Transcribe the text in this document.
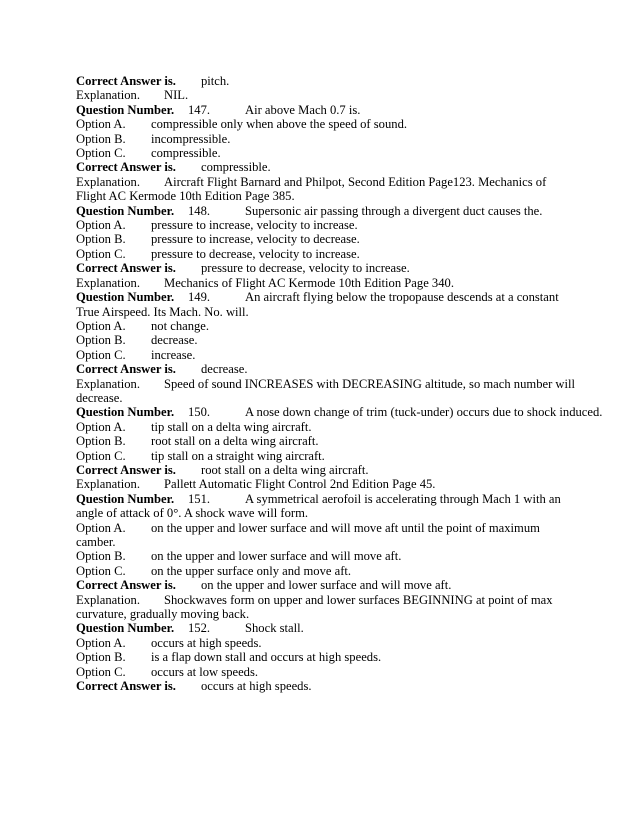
Correct Answer is. pitch.
Explanation. NIL.
Question Number. 147.	Air above Mach 0.7 is.
Option A. compressible only when above the speed of sound.
Option B. incompressible.
Option C. compressible.
Correct Answer is. compressible.
Explanation. Aircraft Flight Barnard and Philpot, Second Edition Page123. Mechanics of Flight AC Kermode 10th Edition Page 385.
Question Number. 148.	Supersonic air passing through a divergent duct causes the.
Option A. pressure to increase, velocity to increase.
Option B. pressure to increase, velocity to decrease.
Option C. pressure to decrease, velocity to increase.
Correct Answer is. pressure to decrease, velocity to increase.
Explanation. Mechanics of Flight AC Kermode 10th Edition Page 340.
Question Number. 149.	An aircraft flying below the tropopause descends at a constant True Airspeed. Its Mach. No. will.
Option A. not change.
Option B. decrease.
Option C. increase.
Correct Answer is. decrease.
Explanation. Speed of sound INCREASES with DECREASING altitude, so mach number will decrease.
Question Number. 150.	A nose down change of trim (tuck-under) occurs due to shock induced.
Option A. tip stall on a delta wing aircraft.
Option B. root stall on a delta wing aircraft.
Option C. tip stall on a straight wing aircraft.
Correct Answer is. root stall on a delta wing aircraft.
Explanation. Pallett Automatic Flight Control 2nd Edition Page 45.
Question Number. 151.	A symmetrical aerofoil is accelerating through Mach 1 with an angle of attack of 0°. A shock wave will form.
Option A. on the upper and lower surface and will move aft until the point of maximum camber.
Option B. on the upper and lower surface and will move aft.
Option C. on the upper surface only and move aft.
Correct Answer is. on the upper and lower surface and will move aft.
Explanation. Shockwaves form on upper and lower surfaces BEGINNING at point of max curvature, gradually moving back.
Question Number. 152.	Shock stall.
Option A. occurs at high speeds.
Option B. is a flap down stall and occurs at high speeds.
Option C. occurs at low speeds.
Correct Answer is. occurs at high speeds.
